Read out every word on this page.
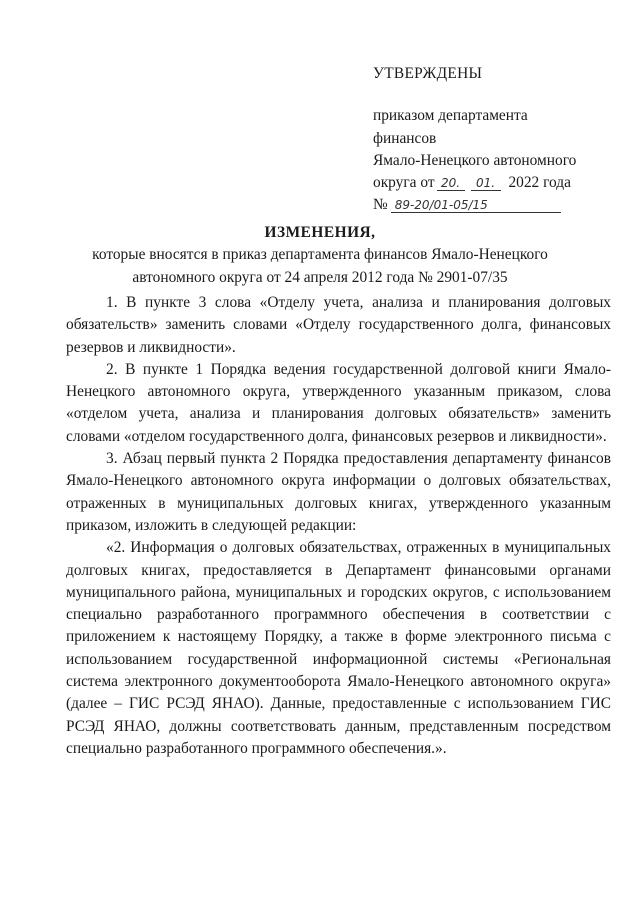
УТВЕРЖДЕНЫ
приказом департамента
финансов
Ямало-Ненецкого автономного
округа от 20. 01. 2022 года
№ 89-20/01-05/15
ИЗМЕНЕНИЯ,
которые вносятся в приказ департамента финансов Ямало-Ненецкого
автономного округа от 24 апреля 2012 года № 2901-07/35

1. В пункте 3 слова «Отделу учета, анализа и планирования долговых обязательств» заменить словами «Отделу государственного долга, финансовых резервов и ликвидности».

2. В пункте 1 Порядка ведения государственной долговой книги Ямало-Ненецкого автономного округа, утвержденного указанным приказом, слова «отделом учета, анализа и планирования долговых обязательств» заменить словами «отделом государственного долга, финансовых резервов и ликвидности».

3. Абзац первый пункта 2 Порядка предоставления департаменту финансов Ямало-Ненецкого автономного округа информации о долговых обязательствах, отраженных в муниципальных долговых книгах, утвержденного указанным приказом, изложить в следующей редакции:

«2. Информация о долговых обязательствах, отраженных в муниципальных долговых книгах, предоставляется в Департамент финансовыми органами муниципального района, муниципальных и городских округов, с использованием специально разработанного программного обеспечения в соответствии с приложением к настоящему Порядку, а также в форме электронного письма с использованием государственной информационной системы «Региональная система электронного документооборота Ямало-Ненецкого автономного округа» (далее – ГИС РСЭД ЯНАО). Данные, предоставленные с использованием ГИС РСЭД ЯНАО, должны соответствовать данным, представленным посредством специально разработанного программного обеспечения.».
